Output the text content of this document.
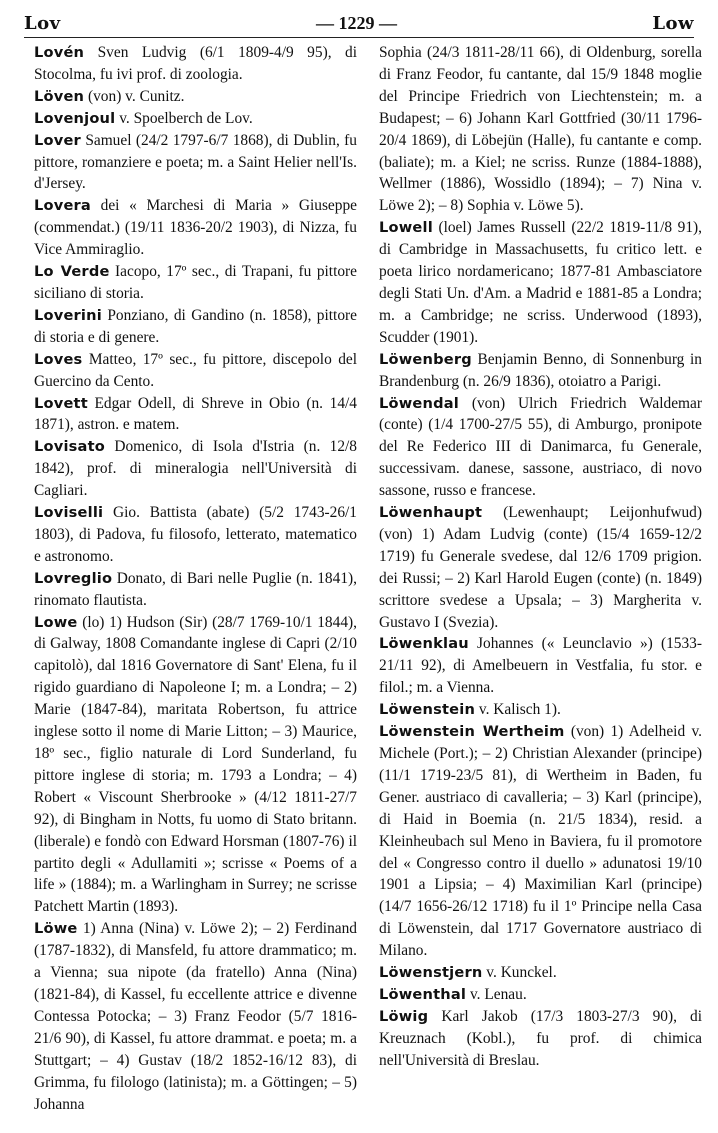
Lov	— 1229 —	Low

Lovén Sven Ludvig (6/1 1809-4/9 95), di Stocolma, fu ivi prof. di zoologia.

Löven (von) v. Cunitz.

Lovenjoul v. Spoelberch de Lov.

Lover Samuel (24/2 1797-6/7 1868), di Dublin, fu pittore, romanziere e poeta; m. a Saint Helier nell'Is. d'Jersey.

Lovera dei « Marchesi di Maria » Giuseppe (commendat.) (19/11 1836-20/2 1903), di Nizza, fu Vice Ammiraglio.

Lo Verde Iacopo, 17º sec., di Trapani, fu pittore siciliano di storia.

Loverini Ponziano, di Gandino (n. 1858), pittore di storia e di genere.

Loves Matteo, 17º sec., fu pittore, discepolo del Guercino da Cento.

Lovett Edgar Odell, di Shreve in Obio (n. 14/4 1871), astron. e matem.

Lovisato Domenico, di Isola d'Istria (n. 12/8 1842), prof. di mineralogia nell'Università di Cagliari.

Loviselli Gio. Battista (abate) (5/2 1743-26/1 1803), di Padova, fu filosofo, letterato, matematico e astronomo.

Lovreglio Donato, di Bari nelle Puglie (n. 1841), rinomato flautista.

Lowe (lo) 1) Hudson (Sir) (28/7 1769-10/1 1844), di Galway, 1808 Comandante inglese di Capri (2/10 capitolò), dal 1816 Governatore di Sant' Elena, fu il rigido guardiano di Napoleone I; m. a Londra; – 2) Marie (1847-84), maritata Robertson, fu attrice inglese sotto il nome di Marie Litton; – 3) Maurice, 18º sec., figlio naturale di Lord Sunderland, fu pittore inglese di storia; m. 1793 a Londra; – 4) Robert « Viscount Sherbrooke » (4/12 1811-27/7 92), di Bingham in Notts, fu uomo di Stato britann. (liberale) e fondò con Edward Horsman (1807-76) il partito degli « Adullamiti »; scrisse « Poems of a life » (1884); m. a Warlingham in Surrey; ne scrisse Patchett Martin (1893).

Löwe 1) Anna (Nina) v. Löwe 2); – 2) Ferdinand (1787-1832), di Mansfeld, fu attore drammatico; m. a Vienna; sua nipote (da fratello) Anna (Nina) (1821-84), di Kassel, fu eccellente attrice e divenne Contessa Potocka; – 3) Franz Feodor (5/7 1816-21/6 90), di Kassel, fu attore drammat. e poeta; m. a Stuttgart; – 4) Gustav (18/2 1852-16/12 83), di Grimma, fu filologo (latinista); m. a Göttingen; – 5) Johanna

Sophia (24/3 1811-28/11 66), di Oldenburg, sorella di Franz Feodor, fu cantante, dal 15/9 1848 moglie del Principe Friedrich von Liechtenstein; m. a Budapest; – 6) Johann Karl Gottfried (30/11 1796-20/4 1869), di Löbejün (Halle), fu cantante e comp. (baliate); m. a Kiel; ne scriss. Runze (1884-1888), Wellmer (1886), Wossidlo (1894); – 7) Nina v. Löwe 2); – 8) Sophia v. Löwe 5).

Lowell (loel) James Russell (22/2 1819-11/8 91), di Cambridge in Massachusetts, fu critico lett. e poeta lirico nordamericano; 1877-81 Ambasciatore degli Stati Un. d'Am. a Madrid e 1881-85 a Londra; m. a Cambridge; ne scriss. Underwood (1893), Scudder (1901).

Löwenberg Benjamin Benno, di Sonnenburg in Brandenburg (n. 26/9 1836), otoiatro a Parigi.

Löwendal (von) Ulrich Friedrich Waldemar (conte) (1/4 1700-27/5 55), di Amburgo, pronipote del Re Federico III di Danimarca, fu Generale, successivam. danese, sassone, austriaco, di novo sassone, russo e francese.

Löwenhaupt (Lewenhaupt; Leijonhufwud) (von) 1) Adam Ludvig (conte) (15/4 1659-12/2 1719) fu Generale svedese, dal 12/6 1709 prigion. dei Russi; – 2) Karl Harold Eugen (conte) (n. 1849) scrittore svedese a Upsala; – 3) Margherita v. Gustavo I (Svezia).

Löwenklau Johannes (« Leunclavio ») (1533-21/11 92), di Amelbeuern in Vestfalia, fu stor. e filol.; m. a Vienna.

Löwenstein v. Kalisch 1).

Löwenstein Wertheim (von) 1) Adelheid v. Michele (Port.); – 2) Christian Alexander (principe) (11/1 1719-23/5 81), di Wertheim in Baden, fu Gener. austriaco di cavalleria; – 3) Karl (principe), di Haid in Boemia (n. 21/5 1834), resid. a Kleinheubach sul Meno in Baviera, fu il promotore del « Congresso contro il duello » adunatosi 19/10 1901 a Lipsia; – 4) Maximilian Karl (principe) (14/7 1656-26/12 1718) fu il 1º Principe nella Casa di Löwenstein, dal 1717 Governatore austriaco di Milano.

Löwenstjern v. Kunckel.

Löwenthal v. Lenau.

Löwig Karl Jakob (17/3 1803-27/3 90), di Kreuznach (Kobl.), fu prof. di chimica nell'Università di Breslau.
